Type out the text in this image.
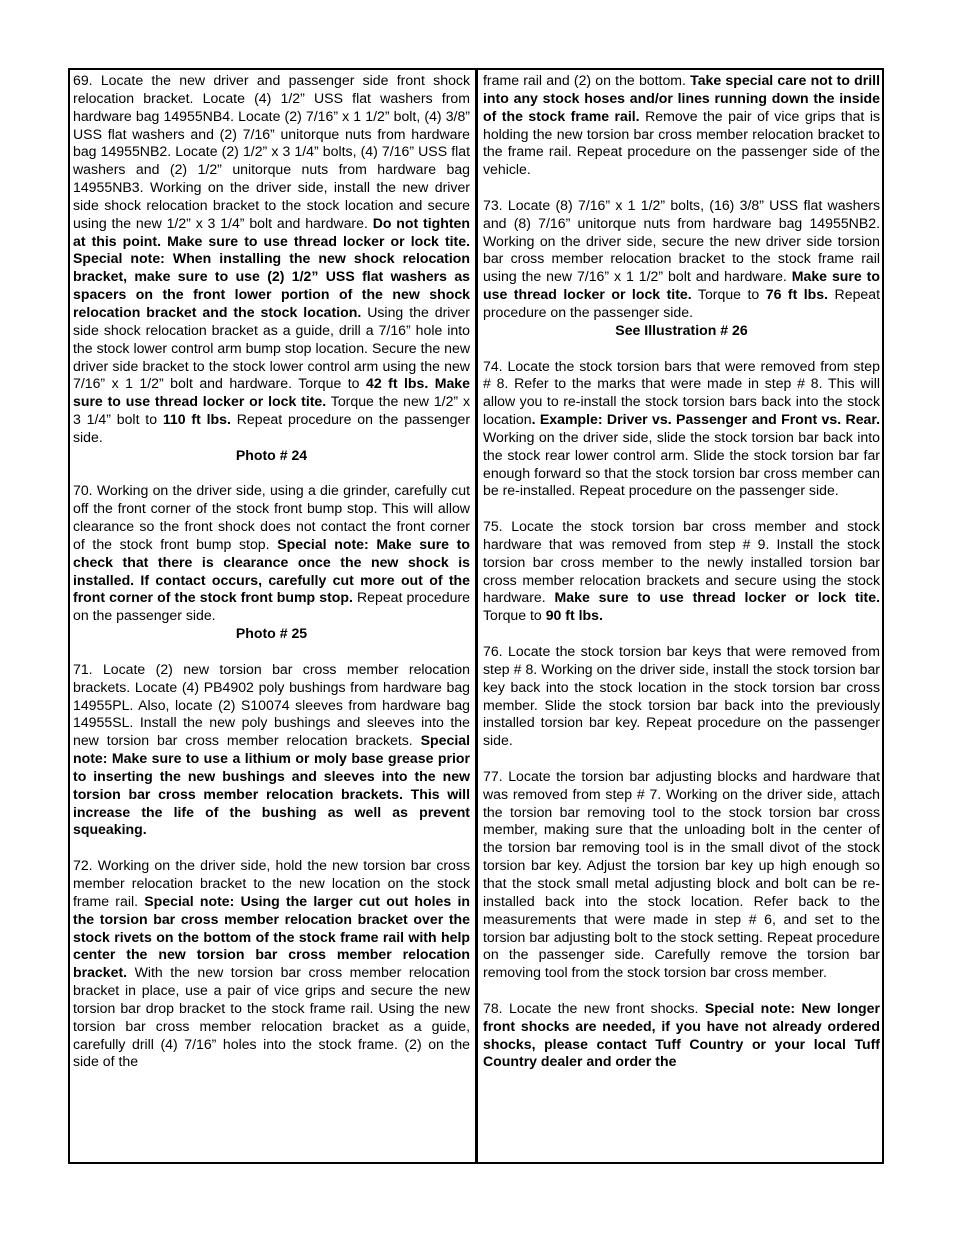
69. Locate the new driver and passenger side front shock relocation bracket. Locate (4) 1/2” USS flat washers from hardware bag 14955NB4. Locate (2) 7/16” x 1 1/2” bolt, (4) 3/8” USS flat washers and (2) 7/16” unitorque nuts from hardware bag 14955NB2. Locate (2) 1/2” x 3 1/4” bolts, (4) 7/16” USS flat washers and (2) 1/2” unitorque nuts from hardware bag 14955NB3. Working on the driver side, install the new driver side shock relocation bracket to the stock location and secure using the new 1/2” x 3 1/4” bolt and hardware. Do not tighten at this point. Make sure to use thread locker or lock tite. Special note: When installing the new shock relocation bracket, make sure to use (2) 1/2” USS flat washers as spacers on the front lower portion of the new shock relocation bracket and the stock location. Using the driver side shock relocation bracket as a guide, drill a 7/16” hole into the stock lower control arm bump stop location. Secure the new driver side bracket to the stock lower control arm using the new 7/16” x 1 1/2” bolt and hardware. Torque to 42 ft lbs. Make sure to use thread locker or lock tite. Torque the new 1/2” x 3 1/4” bolt to 110 ft lbs. Repeat procedure on the passenger side.

Photo # 24

70. Working on the driver side, using a die grinder, carefully cut off the front corner of the stock front bump stop. This will allow clearance so the front shock does not contact the front corner of the stock front bump stop. Special note: Make sure to check that there is clearance once the new shock is installed. If contact occurs, carefully cut more out of the front corner of the stock front bump stop. Repeat procedure on the passenger side.

Photo # 25

71. Locate (2) new torsion bar cross member relocation brackets. Locate (4) PB4902 poly bushings from hardware bag 14955PL. Also, locate (2) S10074 sleeves from hardware bag 14955SL. Install the new poly bushings and sleeves into the new torsion bar cross member relocation brackets. Special note: Make sure to use a lithium or moly base grease prior to inserting the new bushings and sleeves into the new torsion bar cross member relocation brackets. This will increase the life of the bushing as well as prevent squeaking.

72. Working on the driver side, hold the new torsion bar cross member relocation bracket to the new location on the stock frame rail. Special note: Using the larger cut out holes in the torsion bar cross member relocation bracket over the stock rivets on the bottom of the stock frame rail with help center the new torsion bar cross member relocation bracket. With the new torsion bar cross member relocation bracket in place, use a pair of vice grips and secure the new torsion bar drop bracket to the stock frame rail. Using the new torsion bar cross member relocation bracket as a guide, carefully drill (4) 7/16” holes into the stock frame. (2) on the side of the

frame rail and (2) on the bottom. Take special care not to drill into any stock hoses and/or lines running down the inside of the stock frame rail. Remove the pair of vice grips that is holding the new torsion bar cross member relocation bracket to the frame rail. Repeat procedure on the passenger side of the vehicle.

73. Locate (8) 7/16” x 1 1/2” bolts, (16) 3/8” USS flat washers and (8) 7/16” unitorque nuts from hardware bag 14955NB2. Working on the driver side, secure the new driver side torsion bar cross member relocation bracket to the stock frame rail using the new 7/16” x 1 1/2” bolt and hardware. Make sure to use thread locker or lock tite. Torque to 76 ft lbs. Repeat procedure on the passenger side.

See Illustration # 26

74. Locate the stock torsion bars that were removed from step # 8. Refer to the marks that were made in step # 8. This will allow you to re-install the stock torsion bars back into the stock location. Example: Driver vs. Passenger and Front vs. Rear. Working on the driver side, slide the stock torsion bar back into the stock rear lower control arm. Slide the stock torsion bar far enough forward so that the stock torsion bar cross member can be re-installed. Repeat procedure on the passenger side.

75. Locate the stock torsion bar cross member and stock hardware that was removed from step # 9. Install the stock torsion bar cross member to the newly installed torsion bar cross member relocation brackets and secure using the stock hardware. Make sure to use thread locker or lock tite. Torque to 90 ft lbs.

76. Locate the stock torsion bar keys that were removed from step # 8. Working on the driver side, install the stock torsion bar key back into the stock location in the stock torsion bar cross member. Slide the stock torsion bar back into the previously installed torsion bar key. Repeat procedure on the passenger side.

77. Locate the torsion bar adjusting blocks and hardware that was removed from step # 7. Working on the driver side, attach the torsion bar removing tool to the stock torsion bar cross member, making sure that the unloading bolt in the center of the torsion bar removing tool is in the small divot of the stock torsion bar key. Adjust the torsion bar key up high enough so that the stock small metal adjusting block and bolt can be re-installed back into the stock location. Refer back to the measurements that were made in step # 6, and set to the torsion bar adjusting bolt to the stock setting. Repeat procedure on the passenger side. Carefully remove the torsion bar removing tool from the stock torsion bar cross member.

78. Locate the new front shocks. Special note: New longer front shocks are needed, if you have not already ordered shocks, please contact Tuff Country or your local Tuff Country dealer and order the
